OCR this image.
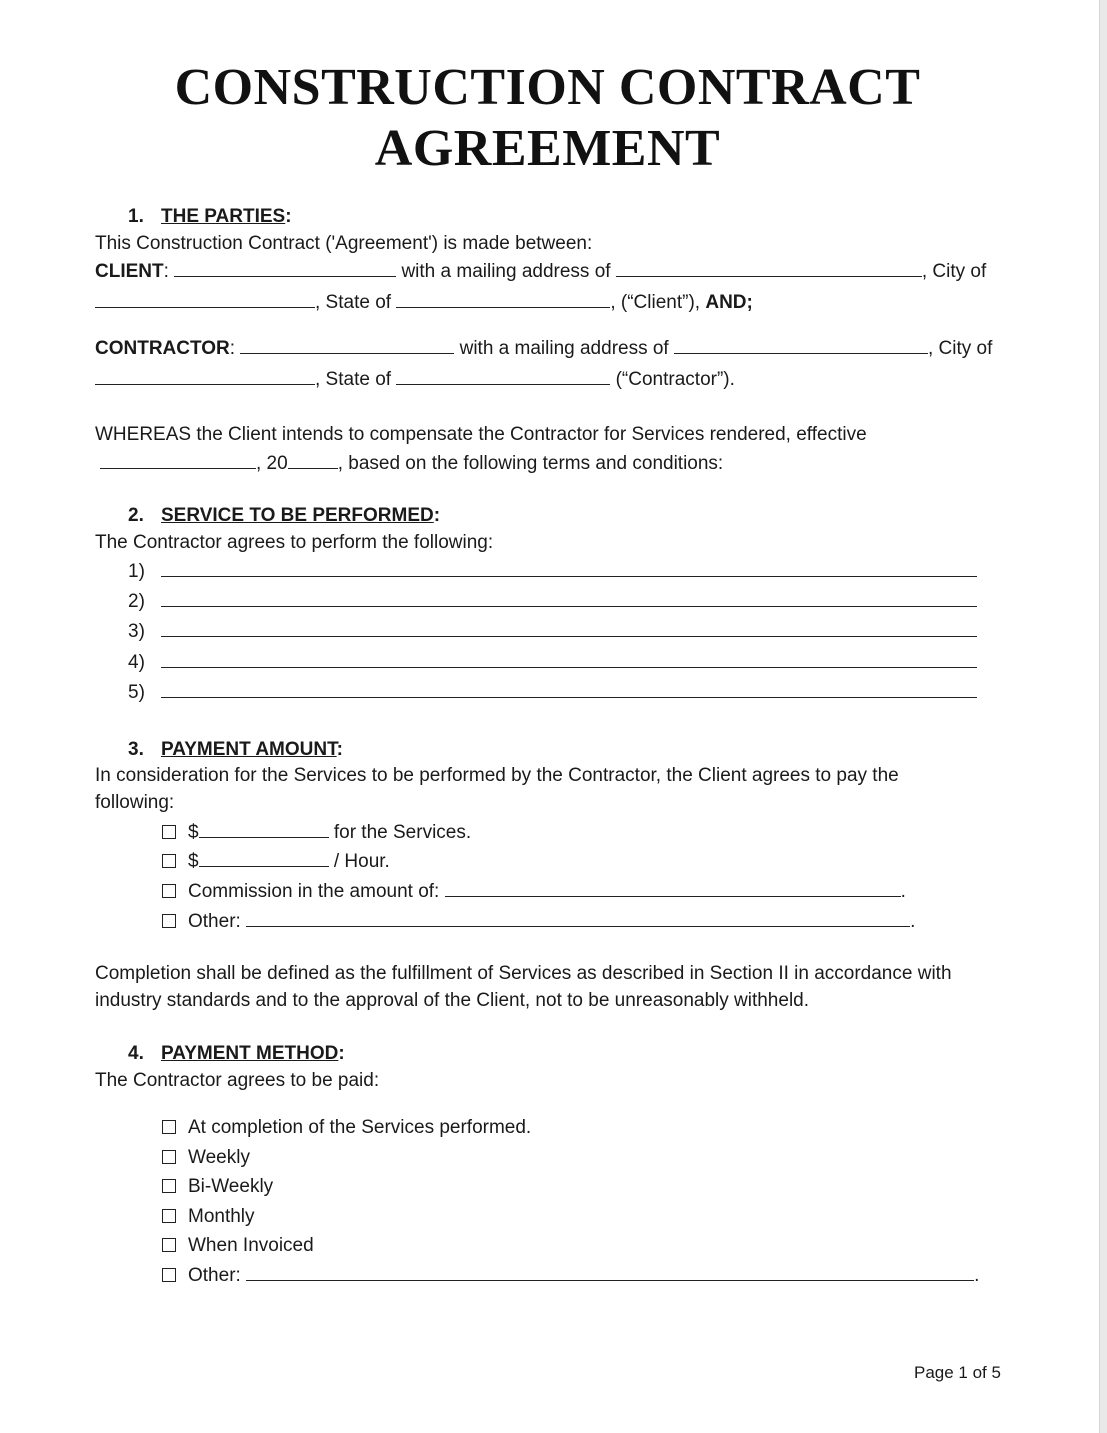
CONSTRUCTION CONTRACT
AGREEMENT
1. THE PARTIES:
This Construction Contract ('Agreement') is made between:
CLIENT:	with a mailing address of	, City of
, State of	, (“Client”), AND;
CONTRACTOR:	with a mailing address of	, City of
, State of	(“Contractor”).
WHEREAS the Client intends to compensate the Contractor for Services rendered, effective
, 20	, based on the following terms and conditions:
2. SERVICE TO BE PERFORMED:
The Contractor agrees to perform the following:
1)
2)
3)
4)
5)
3. PAYMENT AMOUNT:
In consideration for the Services to be performed by the Contractor, the Client agrees to pay the
following:
$	for the Services.
$	/ Hour.
Commission in the amount of:	.
Other:	.
Completion shall be defined as the fulfillment of Services as described in Section II in accordance with
industry standards and to the approval of the Client, not to be unreasonably withheld.
4. PAYMENT METHOD:
The Contractor agrees to be paid:
At completion of the Services performed.
Weekly
Bi-Weekly
Monthly
When Invoiced
Other:	.
Page 1 of 5
